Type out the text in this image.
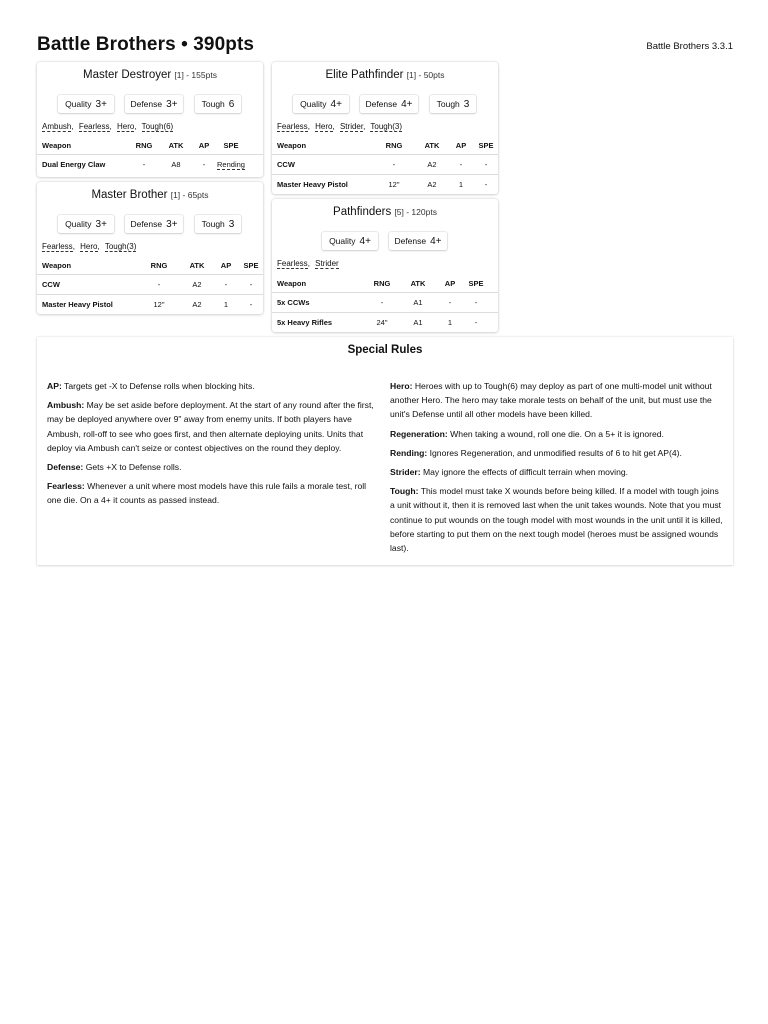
Battle Brothers • 390pts	Battle Brothers 3.3.1
Master Destroyer [1] - 155pts
Quality 3+	Defense 3+	Tough 6
Ambush, Fearless, Hero, Tough(6)
Weapon	RNG	ATK	AP	SPE	
Dual Energy Claw	-	A8	-	Rending	
Master Brother [1] - 65pts
Quality 3+	Defense 3+	Tough 3
Fearless, Hero, Tough(3)
Weapon	RNG	ATK	AP	SPE
CCW	-	A2	-	-
Master Heavy Pistol	12"	A2	1	-
Elite Pathfinder [1] - 50pts
Quality 4+	Defense 4+	Tough 3
Fearless, Hero, Strider, Tough(3)
Weapon	RNG	ATK	AP	SPE
CCW	-	A2	-	-
Master Heavy Pistol	12"	A2	1	-
Pathfinders [5] - 120pts
Quality 4+	Defense 4+
Fearless, Strider
Weapon	RNG	ATK	AP	SPE	
5x CCWs	-	A1	-	-	
5x Heavy Rifles	24"	A1	1	-	
Special Rules
AP: Targets get -X to Defense rolls when blocking hits.
Ambush: May be set aside before deployment. At the start of any round after the first, may be deployed anywhere over 9" away from enemy units. If both players have Ambush, roll-off to see who goes first, and then alternate deploying units. Units that deploy via Ambush can't seize or contest objectives on the round they deploy.
Defense: Gets +X to Defense rolls.
Fearless: Whenever a unit where most models have this rule fails a morale test, roll one die. On a 4+ it counts as passed instead.
Hero: Heroes with up to Tough(6) may deploy as part of one multi-model unit without another Hero. The hero may take morale tests on behalf of the unit, but must use the unit's Defense until all other models have been killed.
Regeneration: When taking a wound, roll one die. On a 5+ it is ignored.
Rending: Ignores Regeneration, and unmodified results of 6 to hit get AP(4).
Strider: May ignore the effects of difficult terrain when moving.
Tough: This model must take X wounds before being killed. If a model with tough joins a unit without it, then it is removed last when the unit takes wounds. Note that you must continue to put wounds on the tough model with most wounds in the unit until it is killed, before starting to put them on the next tough model (heroes must be assigned wounds last).
